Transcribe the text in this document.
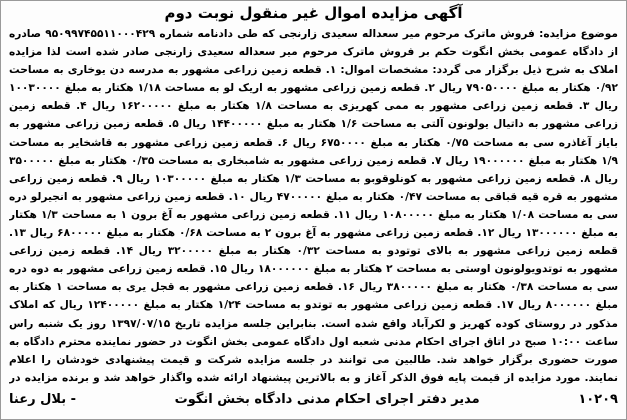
آگهی مزایده اموال غیر منقول نوبت دوم
موضوع مزایده: فروش ماترک مرحوم میر سعداله سعیدی زارنجی که طی دادنامه شماره ۹۵۰۹۹۷۴۵۵۱۱۰۰۰۴۲۹ صادره از دادگاه عمومی بخش انگوت حکم بر فروش ماترک مرحوم میر سعداله سعیدی زارنجی صادر شده است لذا مزایده املاک به شرح ذیل برگزار می گردد: مشخصات اموال: ۱. قطعه زمین زراعی مشهور به مدرسه دن یوخاری به مساحت ۰/۹۲ هکتار به مبلغ ۷۹۰۵۰۰۰۰ ریال ۲. قطعه زمین زراعی مشهور به اریک لو به مساحت ۱/۱۸ هکتار به مبلغ ۱۰۰۳۰۰۰۰ ریال ۳. قطعه زمین زراعی مشهور به ممی کهریزی به مساحت ۱/۸ هکتار به مبلغ ۱۶۲۰۰۰۰۰ ریال ۴. قطعه زمین زراعی مشهور به داتیال یولونون آلتی به مساحت ۱/۶ هکتار به مبلغ ۱۴۴۰۰۰۰۰ ریال ۵. قطعه زمین زراعی مشهور به بایاز آغاذره سی به مساحت ۰/۷۵ هکتار به مبلغ ۶۷۵۰۰۰۰ ریال ۶. قطعه زمین زراعی مشهور به قاشخایر به مساحت ۱/۹ هکتار به مبلغ ۱۹۰۰۰۰۰۰ ریال ۷. قطعه زمین زراعی مشهور به شامبخاری به مساحت ۰/۳۵ هکتار به مبلغ ۳۵۰۰۰۰۰ ریال ۸. قطعه زمین زراعی مشهور به کونلوقوبو به مساحت ۱/۳ هکتار به مبلغ ۱۰۳۰۰۰۰۰ ریال ۹. قطعه زمین زراعی مشهور به قره قیه قباقی به مساحت ۰/۴۷ هکتار به مبلغ ۴۷۰۰۰۰۰ ریال ۱۰. قطعه زمین زراعی مشهور به انجیرلو دره سی به مساحت ۱/۰۸ هکتار به مبلغ ۱۰۸۰۰۰۰۰ ریال ۱۱. قطعه زمین زراعی مشهور به آغ برون ۱ به مساحت ۱/۳ هکتار به مبلغ ۱۳۰۰۰۰۰۰ ریال ۱۲. قطعه زمین زراعی مشهور به آغ برون ۲ به مساحت ۰/۶۸ هکتار به مبلغ ۶۸۰۰۰۰۰ ریال ۱۳. قطعه زمین زراعی مشهور به بالای توتودو به مساحت ۰/۳۲ هکتار به مبلغ ۳۲۰۰۰۰۰ ریال ۱۴. قطعه زمین زراعی مشهور به توتدویولونون اوستی به مساحت ۲ هکتار به مبلغ ۱۸۰۰۰۰۰۰ ریال ۱۵. قطعه زمین زراعی مشهور به دوه دره سی به مساحت ۰/۳۸ هکتار به مبلغ ۳۸۰۰۰۰۰ ریال ۱۶. قطعه زمین زراعی مشهور به قجل یری به مساحت ۱ هکتار به مبلغ ۸۰۰۰۰۰۰ ریال ۱۷. قطعه زمین زراعی مشهور به توتدو به مساحت ۱/۲۴ هکتار به مبلغ ۱۲۴۰۰۰۰۰ ریال که املاک مذکور در روستای کوده کهریز و لکرآباد واقع شده است. بنابراین جلسه مزایده تاریخ ۱۳۹۷/۰۷/۱۵ روز یک شنبه راس ساعت ۱۰:۰۰ صبح در اتاق اجرای احکام مدنی شعبه اول دادگاه عمومی بخش انگوت در حضور نماینده محترم دادگاه به صورت حضوری برگزار خواهد شد. طالبین می توانند در جلسه مزایده شرکت و قیمت پیشنهادی خودشان را اعلام نمایند. مورد مزایده از قیمت پایه فوق الذکر آغاز و به بالاترین پیشنهاد ارائه شده واگذار خواهد شد و برنده مزایده در
۱۰۲۰۹
مدیر دفتر اجرای احکام مدنی دادگاه بخش انگوت
- بلال رعنا
